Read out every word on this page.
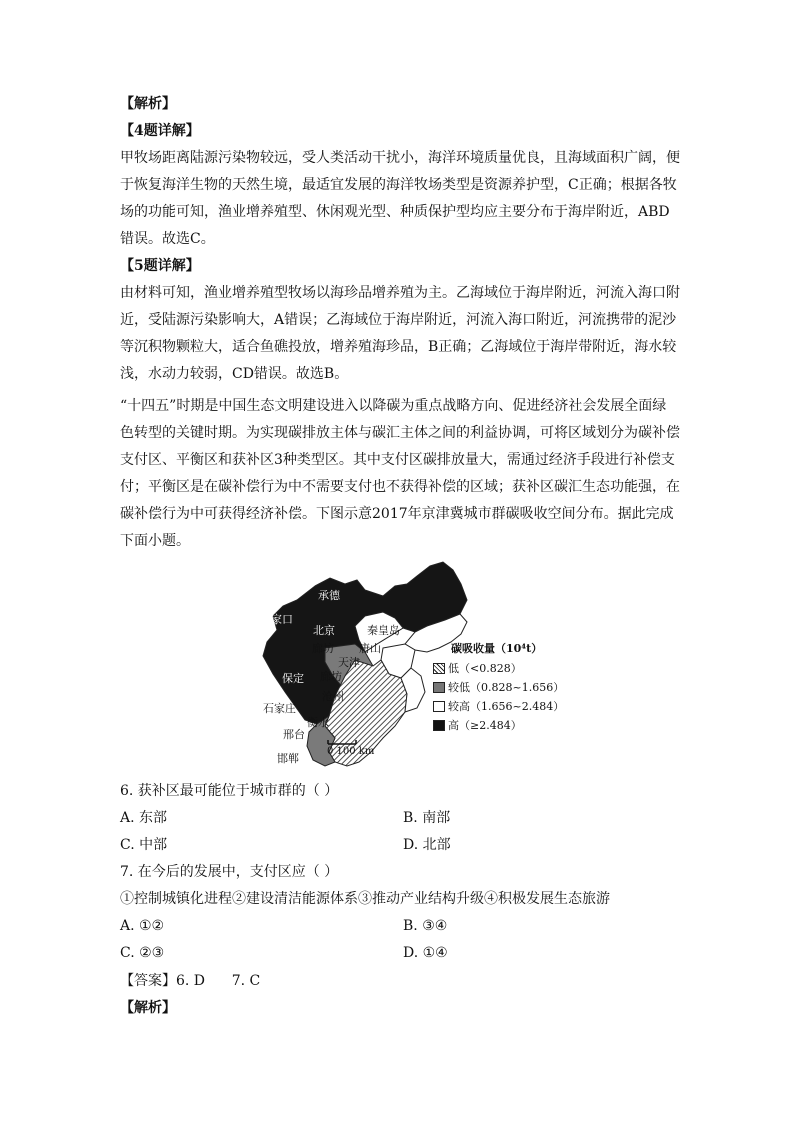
【解析】
【4题详解】
甲牧场距离陆源污染物较远，受人类活动干扰小，海洋环境质量优良，且海域面积广阔，便
于恢复海洋生物的天然生境，最适宜发展的海洋牧场类型是资源养护型，C正确；根据各牧
场的功能可知，渔业增养殖型、休闲观光型、种质保护型均应主要分布于海岸附近，ABD
错误。故选C。
【5题详解】
由材料可知，渔业增养殖型牧场以海珍品增养殖为主。乙海域位于海岸附近，河流入海口附
近，受陆源污染影响大，A错误；乙海域位于海岸附近，河流入海口附近，河流携带的泥沙
等沉积物颗粒大，适合鱼礁投放，增养殖海珍品，B正确；乙海域位于海岸带附近，海水较
浅，水动力较弱，CD错误。故选B。
“十四五”时期是中国生态文明建设进入以降碳为重点战略方向、促进经济社会发展全面绿
色转型的关键时期。为实现碳排放主体与碳汇主体之间的利益协调，可将区域划分为碳补偿
支付区、平衡区和获补区3种类型区。其中支付区碳排放量大，需通过经济手段进行补偿支
付；平衡区是在碳补偿行为中不需要支付也不获得补偿的区域；获补区碳汇生态功能强，在
碳补偿行为中可获得经济补偿。下图示意2017年京津冀城市群碳吸收空间分布。据此完成
下面小题。
承德
张家口
北京	秦皇岛
廊坊 唐山
天津
保定 廊坊
沧州
石家庄
衡水
邢台
邯郸
0 100 km
碳吸收量（10⁴t）
低（<0.828）
较低（0.828~1.656）
较高（1.656~2.484）
高（≥2.484）
6. 获补区最可能位于城市群的（ ）
A. 东部	B. 南部
C. 中部	D. 北部
7. 在今后的发展中，支付区应（ ）
①控制城镇化进程②建设清洁能源体系③推动产业结构升级④积极发展生态旅游
A. ①②	B. ③④
C. ②③	D. ①④
【答案】6. D      7. C
【解析】
